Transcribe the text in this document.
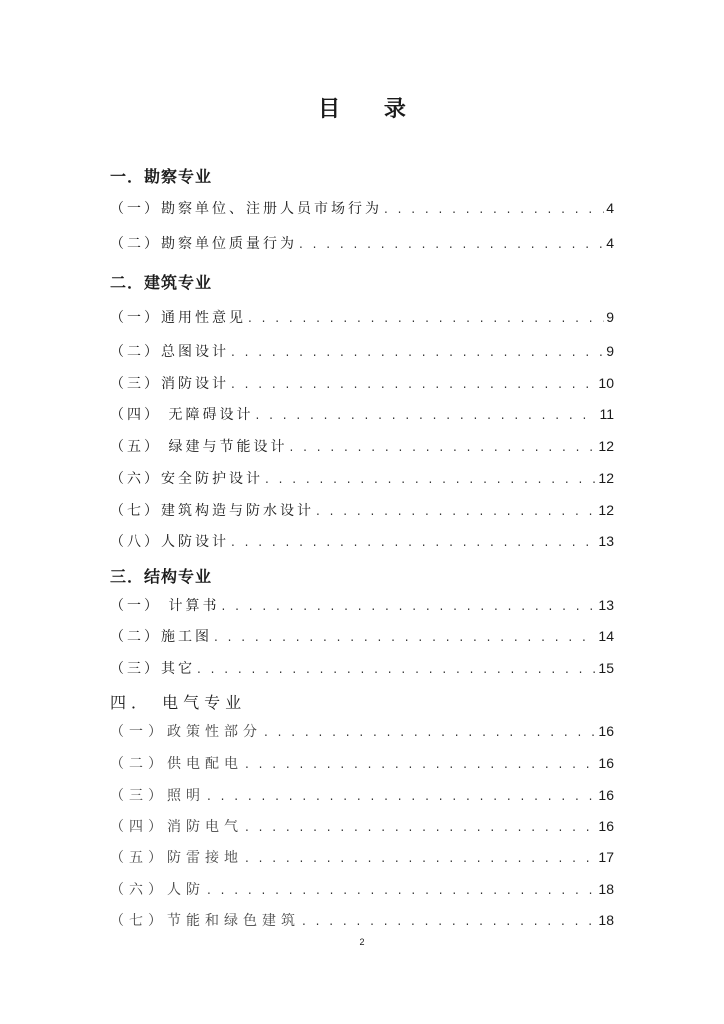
目 录
一．勘察专业
（一）勘察单位、注册人员市场行为 . . .	4
（二）勘察单位质量行为 . . .	4
二．建筑专业
（一）通用性意见 . . .	9
（二）总图设计 . . .	9
（三）消防设计 . . .	10
（四） 无障碍设计 . . .	11
（五） 绿建与节能设计 . . .	12
（六）安全防护设计 . . .	12
（七）建筑构造与防水设计 . . .	12
（八）人防设计 . . .	13
三．结构专业
（一） 计算书 . . .	13
（二）施工图 . . .	14
（三）其它 . . .	15
四． 电气专业
（一）政策性部分 . . .	16
（二）供电配电 . . .	16
（三）照明 . . .	16
（四）消防电气 . . .	16
（五）防雷接地 . . .	17
（六）人防 . . .	18
（七）节能和绿色建筑 . . .	18
2
